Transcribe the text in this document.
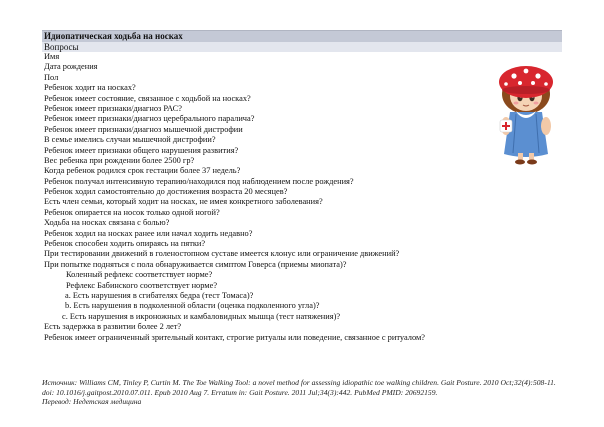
Идиопатическая ходьба на носках
Вопросы
Имя
Дата рождения
Пол
Ребенок ходит на носках?
Ребенок имеет состояние, связанное с ходьбой на носках?
Ребенок имеет признаки/диагноз РАС?
Ребенок имеет признаки/диагноз церебрального паралича?
Ребенок имеет признаки/диагноз мышечной дистрофии
В семье имелись случаи мышечной дистрофии?
Ребенок имеет признаки общего нарушения развития?
Вес ребенка при рождении более 2500 гр?
Когда ребенок родился срок гестации более 37 недель?
Ребенок получал интенсивную терапию/находился под наблюдением после рождения?
Ребенок ходил самостоятельно до достижения возраста 20 месяцев?
Есть член семьи, который ходит на носках, не имея конкретного заболевания?
Ребенок опирается на носок только одной ногой?
Ходьба на носках связана с болью?
Ребенок ходил на носках ранее или начал ходить недавно?
Ребенок способен ходить опираясь на пятки?
При тестировании движений в голеностопном суставе имеется клонус или ограничение движений?
При попытке подняться с пола обнаруживается симптом Говерса (приемы миопата)?
Коленный рефлекс соответствует норме?
Рефлекс Бабинского соответствует норме?
a. Есть нарушения в сгибателях бедра (тест Томаса)?
b. Есть нарушения в подколенной области (оценка подколенного угла)?
c. Есть нарушения в икроножных и камбаловидных мышца (тест натяжения)?
Есть задержка в развитии более 2 лет?
Ребенок имеет ограниченный зрительный контакт, строгие ритуалы или поведение, связанное с ритуалом?
Источник: Williams CM, Tinley P, Curtin M. The Toe Walking Tool: a novel method for assessing idiopathic toe walking children. Gait Posture. 2010 Oct;32(4):508-11. doi: 10.1016/j.gaitpost.2010.07.011. Epub 2010 Aug 7. Erratum in: Gait Posture. 2011 Jul;34(3):442. PubMed PMID: 20692159.
Перевод: Недетская медицина
